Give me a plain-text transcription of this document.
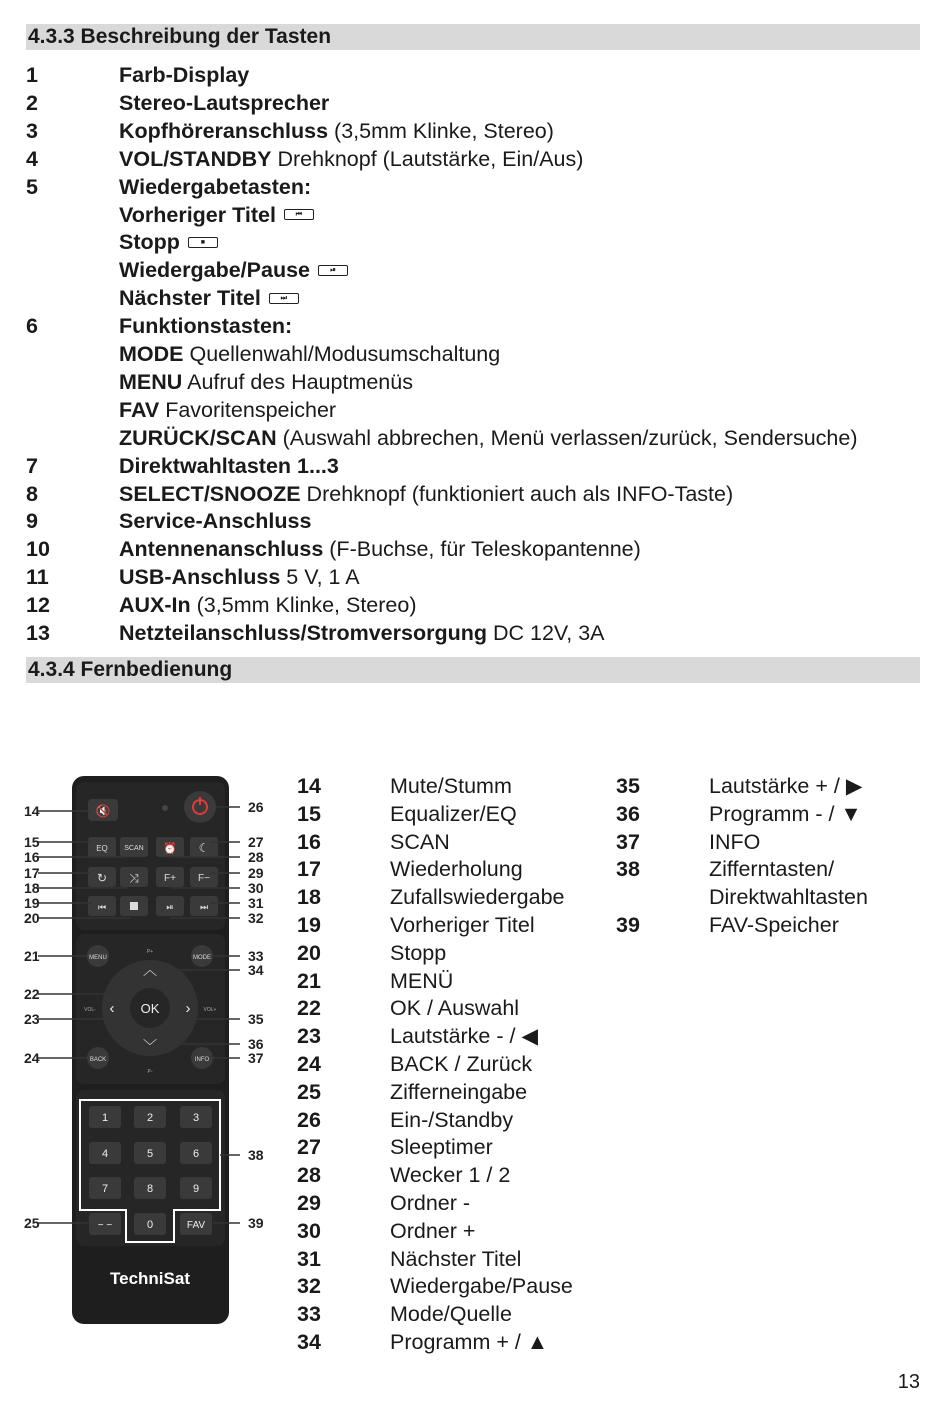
4.3.3 Beschreibung der Tasten
1	Farb-Display
2	Stereo-Lautsprecher
3	Kopfhöreranschluss (3,5mm Klinke, Stereo)
4	VOL/STANDBY Drehknopf (Lautstärke, Ein/Aus)
5	Wiedergabetasten:
Vorheriger Titel	⏮
Stopp	■
Wiedergabe/Pause	⏯
Nächster Titel	⏭
6	Funktionstasten:
MODE Quellenwahl/Modusumschaltung
MENU Aufruf des Hauptmenüs
FAV Favoritenspeicher
ZURÜCK/SCAN (Auswahl abbrechen, Menü verlassen/zurück, Sendersuche)
7	Direktwahltasten 1...3
8	SELECT/SNOOZE Drehknopf (funktioniert auch als INFO-Taste)
9	Service-Anschluss
10	Antennenanschluss (F-Buchse, für Teleskopantenne)
11	USB-Anschluss 5 V, 1 A
12	AUX-In (3,5mm Klinke, Stereo)
13	Netzteilanschluss/Stromversorgung DC 12V, 3A
4.3.4 Fernbedienung
🔇
EQ SCAN ⏰ ☾
↻ ⤨	F+ F−
⏮	⏯	⏭
MENU	MODE
P+
OK
︿
﹀
‹	›
VOL-	VOL+
BACK	INFO
P-
1	2	3
4	5	6
7	8	9
0
− −	FAV
TechniSat
14
15
16
17
18
19
20
21
22
23
24
25
26
27
28
29
30
31
32
33
34
35
36
37
38
39
14	Mute/Stumm
15	Equalizer/EQ
16	SCAN
17	Wiederholung
18	Zufallswiedergabe
19	Vorheriger Titel
20	Stopp
21	MENÜ
22	OK / Auswahl
23	Lautstärke - / ◀
24	BACK / Zurück
25	Zifferneingabe
26	Ein-/Standby
27	Sleeptimer
28	Wecker 1 / 2
29	Ordner -
30	Ordner +
31	Nächster Titel
32	Wiedergabe/Pause
33	Mode/Quelle
34	Programm + / ▲
35	Lautstärke + / ▶
36	Programm - / ▼
37	INFO
38	Zifferntasten/
Direktwahltasten
39	FAV-Speicher
13
